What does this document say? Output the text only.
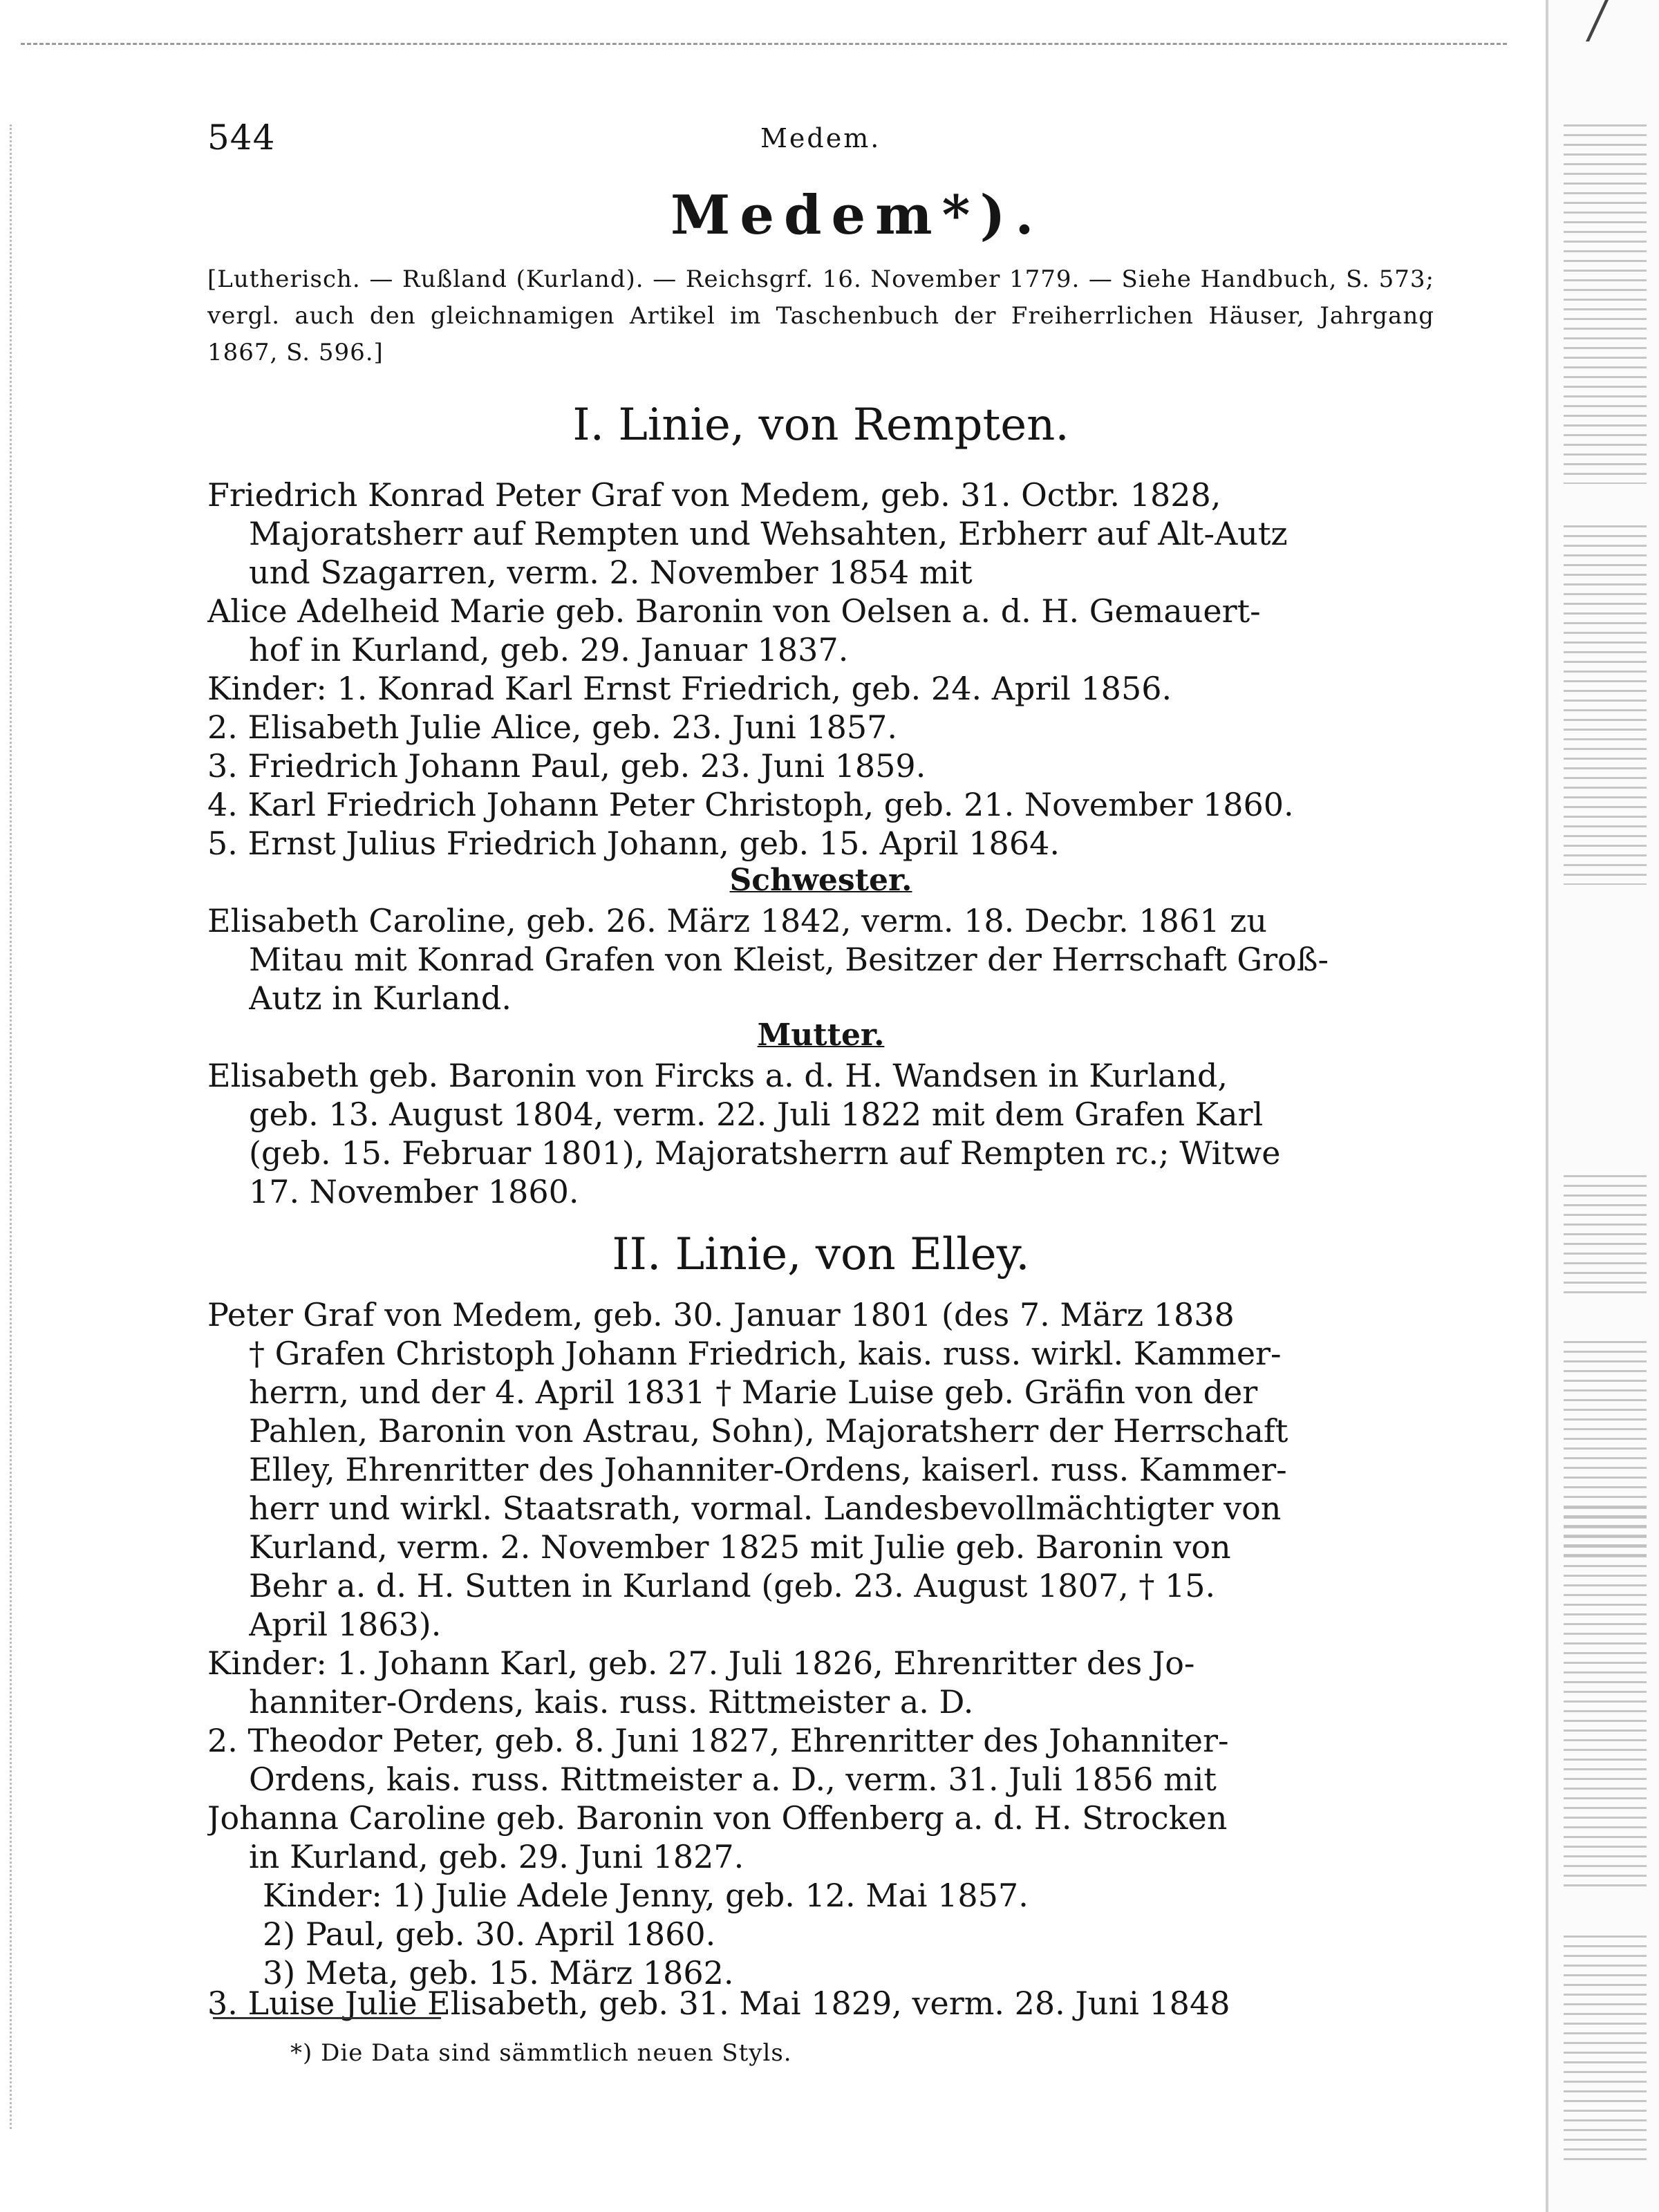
544	Medem.
Medem*).
[Lutherisch. — Rußland (Kurland). — Reichsgrf. 16. November 1779. — Siehe Handbuch, S. 573; vergl. auch den gleichnamigen Artikel im Taschenbuch der Freiherrlichen Häuser, Jahrgang 1867, S. 596.]
I. Linie, von Rempten.
Friedrich Konrad Peter Graf von Medem, geb. 31. Octbr. 1828,
Majoratsherr auf Rempten und Wehsahten, Erbherr auf Alt-Autz
und Szagarren, verm. 2. November 1854 mit
Alice Adelheid Marie geb. Baronin von Oelsen a. d. H. Gemauert-
hof in Kurland, geb. 29. Januar 1837.
Kinder: 1. Konrad Karl Ernst Friedrich, geb. 24. April 1856.
2. Elisabeth Julie Alice, geb. 23. Juni 1857.
3. Friedrich Johann Paul, geb. 23. Juni 1859.
4. Karl Friedrich Johann Peter Christoph, geb. 21. November 1860.
5. Ernst Julius Friedrich Johann, geb. 15. April 1864.
Schwester.
Elisabeth Caroline, geb. 26. März 1842, verm. 18. Decbr. 1861 zu
Mitau mit Konrad Grafen von Kleist, Besitzer der Herrschaft Groß-
Autz in Kurland.
Mutter.
Elisabeth geb. Baronin von Fircks a. d. H. Wandsen in Kurland,
geb. 13. August 1804, verm. 22. Juli 1822 mit dem Grafen Karl
(geb. 15. Februar 1801), Majoratsherrn auf Rempten rc.; Witwe
17. November 1860.
II. Linie, von Elley.
Peter Graf von Medem, geb. 30. Januar 1801 (des 7. März 1838
† Grafen Christoph Johann Friedrich, kais. russ. wirkl. Kammer-
herrn, und der 4. April 1831 † Marie Luise geb. Gräfin von der
Pahlen, Baronin von Astrau, Sohn), Majoratsherr der Herrschaft
Elley, Ehrenritter des Johanniter-Ordens, kaiserl. russ. Kammer-
herr und wirkl. Staatsrath, vormal. Landesbevollmächtigter von
Kurland, verm. 2. November 1825 mit Julie geb. Baronin von
Behr a. d. H. Sutten in Kurland (geb. 23. August 1807, † 15.
April 1863).
Kinder: 1. Johann Karl, geb. 27. Juli 1826, Ehrenritter des Jo-
hanniter-Ordens, kais. russ. Rittmeister a. D.
2. Theodor Peter, geb. 8. Juni 1827, Ehrenritter des Johanniter-
Ordens, kais. russ. Rittmeister a. D., verm. 31. Juli 1856 mit
Johanna Caroline geb. Baronin von Offenberg a. d. H. Strocken
in Kurland, geb. 29. Juni 1827.
Kinder: 1) Julie Adele Jenny, geb. 12. Mai 1857.
2) Paul, geb. 30. April 1860.
3) Meta, geb. 15. März 1862.
3. Luise Julie Elisabeth, geb. 31. Mai 1829, verm. 28. Juni 1848
*) Die Data sind sämmtlich neuen Styls.
